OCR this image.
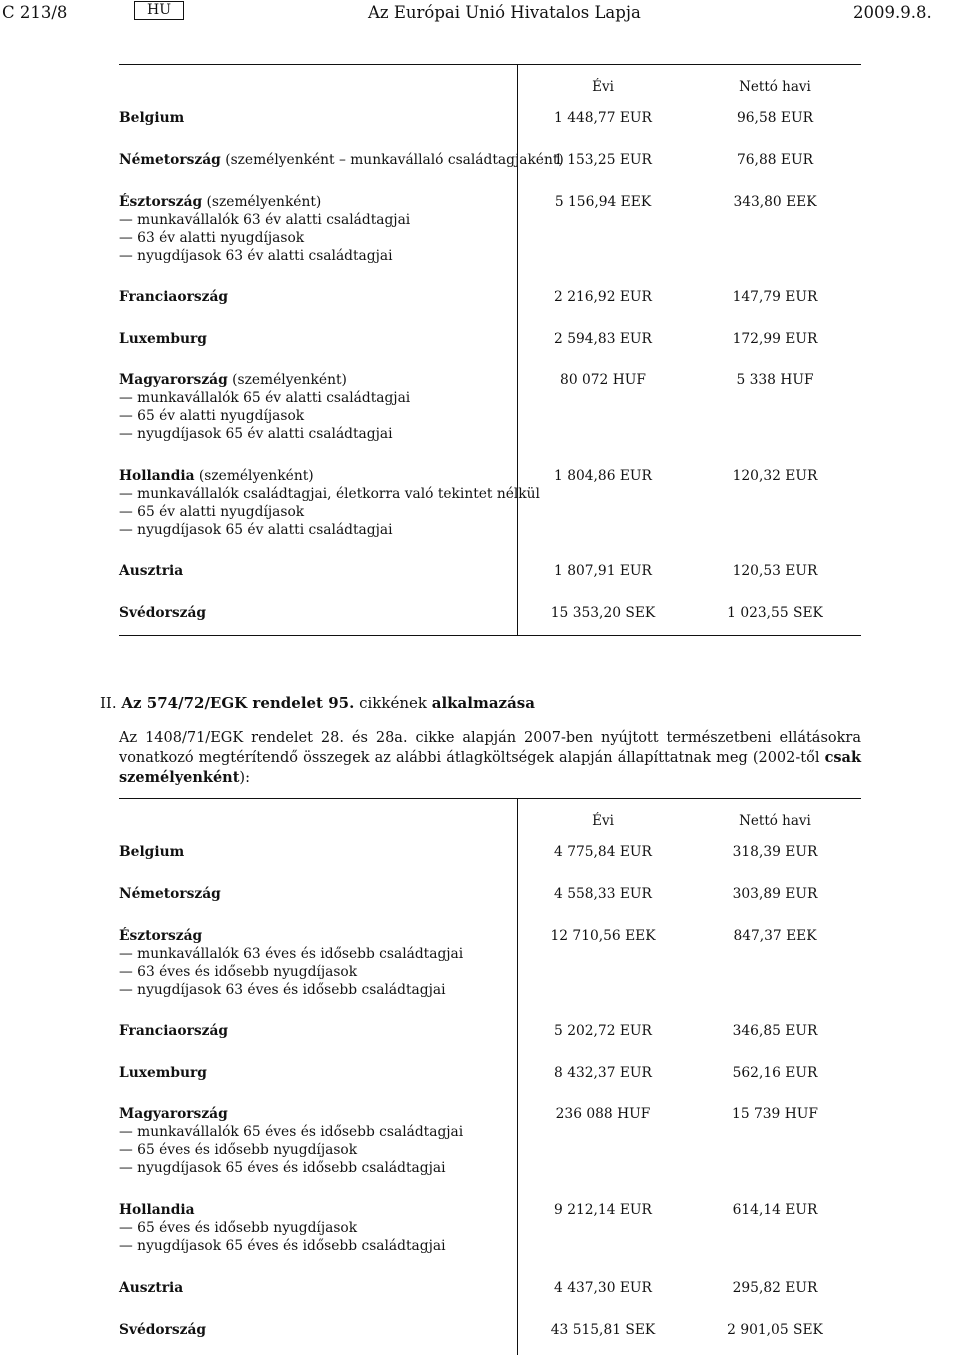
C 213/8	HU	Az Európai Unió Hivatalos Lapja	2009.9.8.
Évi	Nettó havi
Belgium	1 448,77 EUR	96,58 EUR
Németország (személyenként – munkavállaló családtagjaként)
1 153,25 EUR	76,88 EUR
Észtország (személyenként)
— munkavállalók 63 év alatti családtagjai
— 63 év alatti nyugdíjasok
— nyugdíjasok 63 év alatti családtagjai
5 156,94 EEK	343,80 EEK
Franciaország	2 216,92 EUR	147,79 EUR
Luxemburg	2 594,83 EUR	172,99 EUR
Magyarország (személyenként)
— munkavállalók 65 év alatti családtagjai
— 65 év alatti nyugdíjasok
— nyugdíjasok 65 év alatti családtagjai
80 072 HUF	5 338 HUF
Hollandia (személyenként)
— munkavállalók családtagjai, életkorra való tekintet nélkül
— 65 év alatti nyugdíjasok
— nyugdíjasok 65 év alatti családtagjai
1 804,86 EUR	120,32 EUR
Ausztria	1 807,91 EUR	120,53 EUR
Svédország	15 353,20 SEK	1 023,55 SEK
II. Az 574/72/EGK rendelet 95. cikkének alkalmazása
Az 1408/71/EGK rendelet 28. és 28a. cikke alapján 2007-ben nyújtott természetbeni ellátásokra vonatkozó megtérítendő összegek az alábbi átlagköltségek alapján állapíttatnak meg (2002-től csak személyenként):
Évi	Nettó havi
Belgium	4 775,84 EUR	318,39 EUR
Németország	4 558,33 EUR	303,89 EUR
Észtország
— munkavállalók 63 éves és idősebb családtagjai
— 63 éves és idősebb nyugdíjasok
— nyugdíjasok 63 éves és idősebb családtagjai
12 710,56 EEK	847,37 EEK
Franciaország	5 202,72 EUR	346,85 EUR
Luxemburg	8 432,37 EUR	562,16 EUR
Magyarország
— munkavállalók 65 éves és idősebb családtagjai
— 65 éves és idősebb nyugdíjasok
— nyugdíjasok 65 éves és idősebb családtagjai
236 088 HUF	15 739 HUF
Hollandia
— 65 éves és idősebb nyugdíjasok
— nyugdíjasok 65 éves és idősebb családtagjai
9 212,14 EUR	614,14 EUR
Ausztria	4 437,30 EUR	295,82 EUR
Svédország	43 515,81 SEK	2 901,05 SEK
